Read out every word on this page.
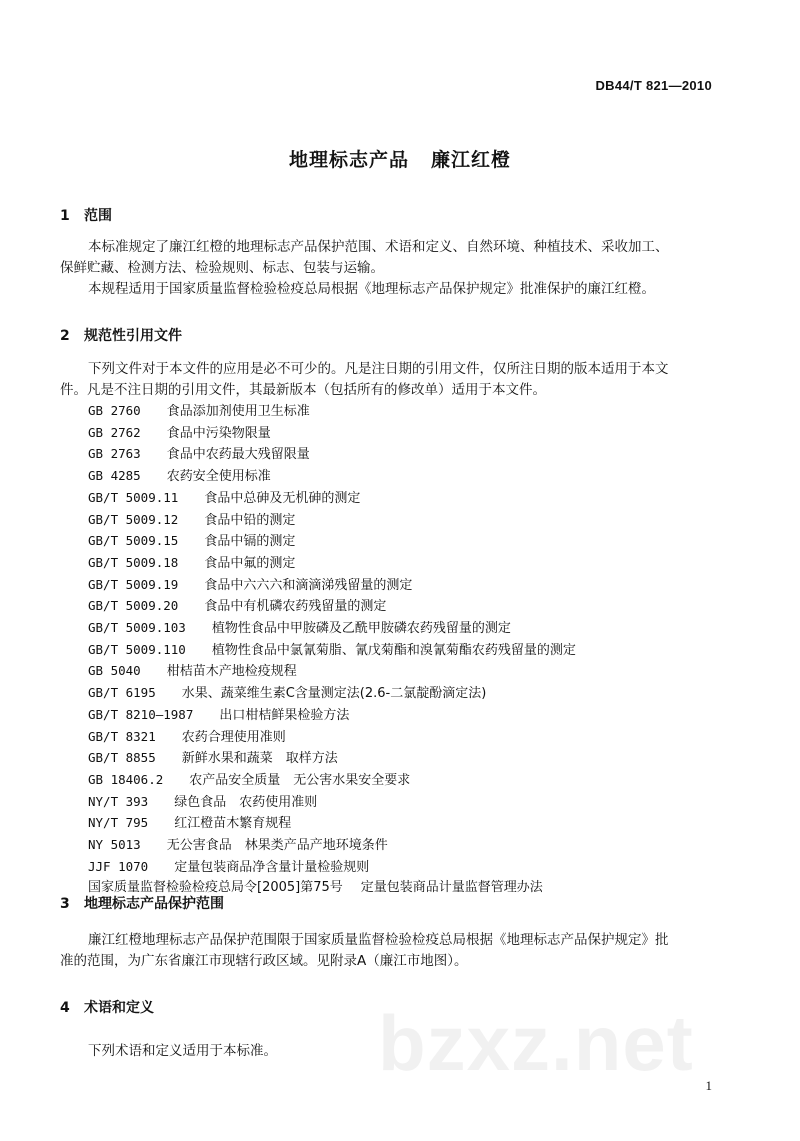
DB44/T 821—2010
地理标志产品 廉江红橙
1 范围
本标准规定了廉江红橙的地理标志产品保护范围、术语和定义、自然环境、种植技术、采收加工、
保鲜贮藏、检测方法、检验规则、标志、包装与运输。
本规程适用于国家质量监督检验检疫总局根据《地理标志产品保护规定》批准保护的廉江红橙。
2 规范性引用文件
下列文件对于本文件的应用是必不可少的。凡是注日期的引用文件，仅所注日期的版本适用于本文
件。凡是不注日期的引用文件，其最新版本（包括所有的修改单）适用于本文件。
GB 2760 食品添加剂使用卫生标准
GB 2762 食品中污染物限量
GB 2763 食品中农药最大残留限量
GB 4285 农药安全使用标准
GB/T 5009.11 食品中总砷及无机砷的测定
GB/T 5009.12 食品中铅的测定
GB/T 5009.15 食品中镉的测定
GB/T 5009.18 食品中氟的测定
GB/T 5009.19 食品中六六六和滴滴涕残留量的测定
GB/T 5009.20 食品中有机磷农药残留量的测定
GB/T 5009.103 植物性食品中甲胺磷及乙酰甲胺磷农药残留量的测定
GB/T 5009.110 植物性食品中氯氰菊脂、氰戊菊酯和溴氰菊酯农药残留量的测定
GB 5040 柑桔苗木产地检疫规程
GB/T 6195 水果、蔬菜维生素C含量测定法(2.6-二氯靛酚滴定法)
GB/T 8210—1987 出口柑桔鲜果检验方法
GB/T 8321 农药合理使用准则
GB/T 8855 新鲜水果和蔬菜　取样方法
GB 18406.2 农产品安全质量　无公害水果安全要求
NY/T 393 绿色食品　农药使用准则
NY/T 795 红江橙苗木繁育规程
NY 5013 无公害食品　林果类产品产地环境条件
JJF 1070 定量包装商品净含量计量检验规则
国家质量监督检验检疫总局令[2005]第75号 定量包装商品计量监督管理办法
3 地理标志产品保护范围
廉江红橙地理标志产品保护范围限于国家质量监督检验检疫总局根据《地理标志产品保护规定》批
准的范围，为广东省廉江市现辖行政区域。见附录A（廉江市地图）。
4 术语和定义
下列术语和定义适用于本标准。	bzxz.net 1
